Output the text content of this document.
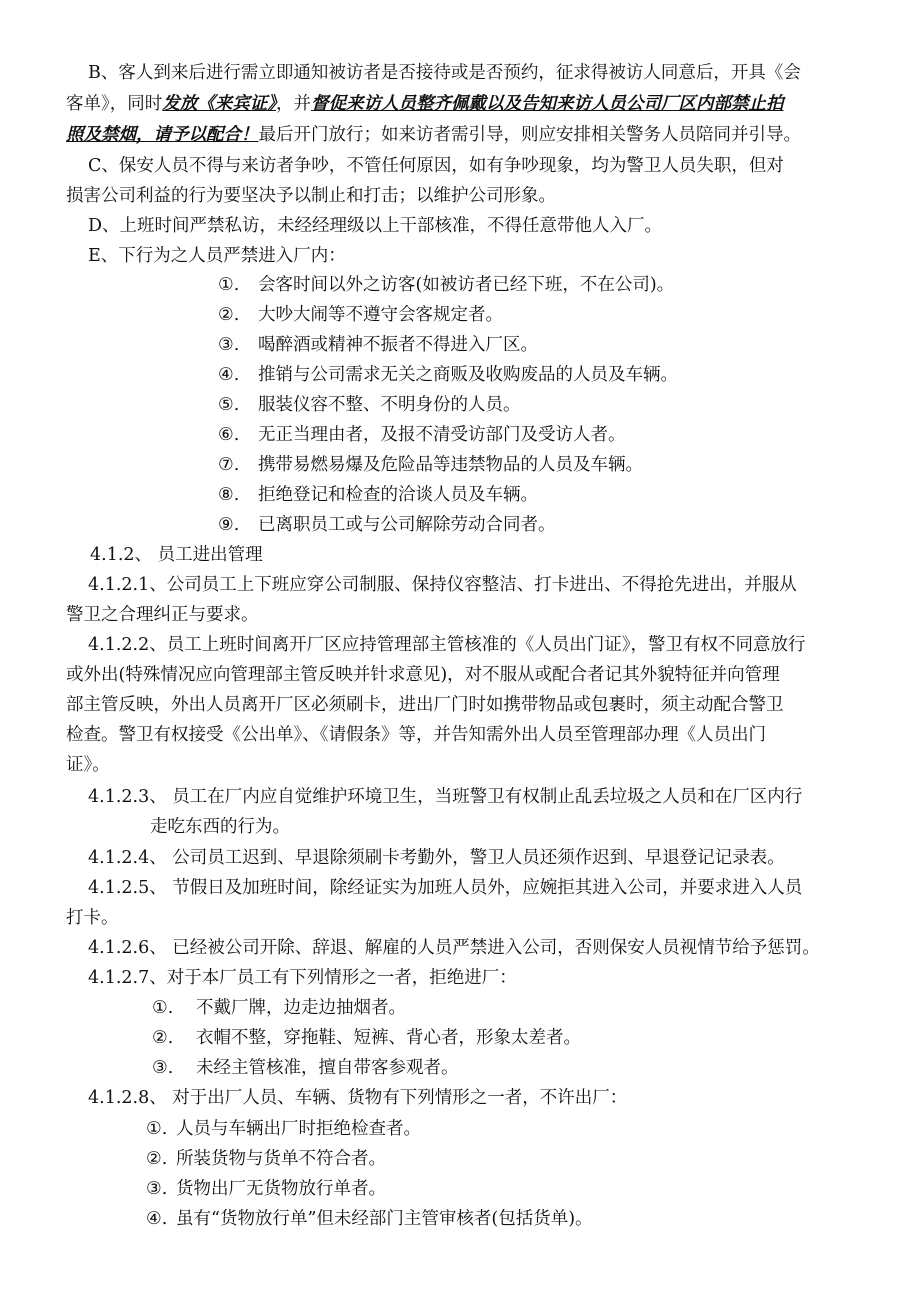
B、客人到来后进行需立即通知被访者是否接待或是否预约，征求得被访人同意后，开具《会
客单》，同时发放《来宾证》，并督促来访人员整齐佩戴以及告知来访人员公司厂区内部禁止拍
照及禁烟，请予以配合！最后开门放行；如来访者需引导，则应安排相关警务人员陪同并引导。
C、保安人员不得与来访者争吵，不管任何原因，如有争吵现象，均为警卫人员失职，但对
损害公司利益的行为要坚决予以制止和打击；以维护公司形象。
D、上班时间严禁私访，未经经理级以上干部核准，不得任意带他人入厂。
E、下行为之人员严禁进入厂内：
①. 会客时间以外之访客(如被访者已经下班，不在公司)。
②. 大吵大闹等不遵守会客规定者。
③. 喝醉酒或精神不振者不得进入厂区。
④. 推销与公司需求无关之商贩及收购废品的人员及车辆。
⑤. 服装仪容不整、不明身份的人员。
⑥. 无正当理由者，及报不清受访部门及受访人者。
⑦. 携带易燃易爆及危险品等违禁物品的人员及车辆。
⑧. 拒绝登记和检查的洽谈人员及车辆。
⑨. 已离职员工或与公司解除劳动合同者。
4.1.2、 员工进出管理
4.1.2.1、公司员工上下班应穿公司制服、保持仪容整洁、打卡进出、不得抢先进出，并服从
警卫之合理纠正与要求。
4.1.2.2、员工上班时间离开厂区应持管理部主管核准的《人员出门证》，警卫有权不同意放行
或外出(特殊情况应向管理部主管反映并针求意见)，对不服从或配合者记其外貌特征并向管理
部主管反映，外出人员离开厂区必须刷卡，进出厂门时如携带物品或包裹时，须主动配合警卫
检查。警卫有权接受《公出单》、《请假条》等，并告知需外出人员至管理部办理《人员出门
证》。
4.1.2.3、 员工在厂内应自觉维护环境卫生，当班警卫有权制止乱丢垃圾之人员和在厂区内行
走吃东西的行为。
4.1.2.4、 公司员工迟到、早退除须刷卡考勤外，警卫人员还须作迟到、早退登记记录表。
4.1.2.5、 节假日及加班时间，除经证实为加班人员外，应婉拒其进入公司，并要求进入人员
打卡。
4.1.2.6、 已经被公司开除、辞退、解雇的人员严禁进入公司，否则保安人员视情节给予惩罚。
4.1.2.7、对于本厂员工有下列情形之一者，拒绝进厂：
①. 不戴厂牌，边走边抽烟者。
②. 衣帽不整，穿拖鞋、短裤、背心者，形象太差者。
③. 未经主管核准，擅自带客参观者。
4.1.2.8、 对于出厂人员、车辆、货物有下列情形之一者，不许出厂：
①. 人员与车辆出厂时拒绝检查者。
②. 所装货物与货单不符合者。
③. 货物出厂无货物放行单者。
④. 虽有“货物放行单”但未经部门主管审核者(包括货单)。
